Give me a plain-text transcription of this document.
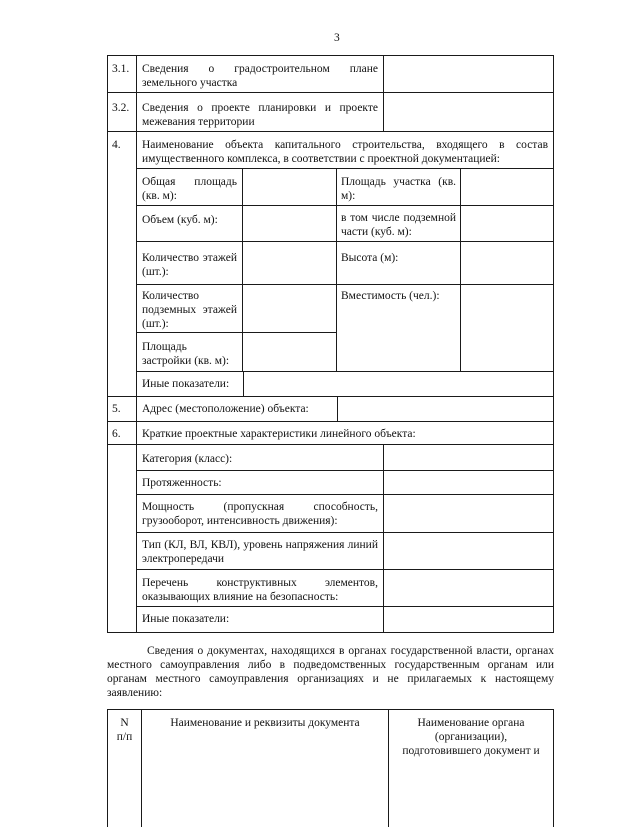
3
3.1. Сведения о градостроительном плане
земельного участка
3.2. Сведения о проекте планировки и проекте
межевания территории
4. Наименование объекта капитального строительства, входящего в состав
имущественного комплекса, в соответствии с проектной документацией:
Общая площадь
(кв. м):
Площадь участка (кв.
м):
Объем (куб. м):	в том числе подземной
части (куб. м):
Количество этажей
(шт.):
Высота (м):
Количество
подземных этажей
(шт.):
Вместимость (чел.):
Площадь
застройки (кв. м):
Иные показатели:
5. Адрес (местоположение) объекта:
6. Краткие проектные характеристики линейного объекта:
Категория (класс):
Протяженность:
Мощность (пропускная способность,
грузооборот, интенсивность движения):
Тип (КЛ, ВЛ, КВЛ), уровень напряжения линий
электропередачи
Перечень конструктивных элементов,
оказывающих влияние на безопасность:
Иные показатели:
Сведения о документах, находящихся в органах государственной власти, органах
местного самоуправления либо в подведомственных государственным органам или
органам местного самоуправления организациях и не прилагаемых к настоящему
заявлению:
N
п/п
Наименование и реквизиты документа	Наименование органа
(организации),
подготовившего документ и
